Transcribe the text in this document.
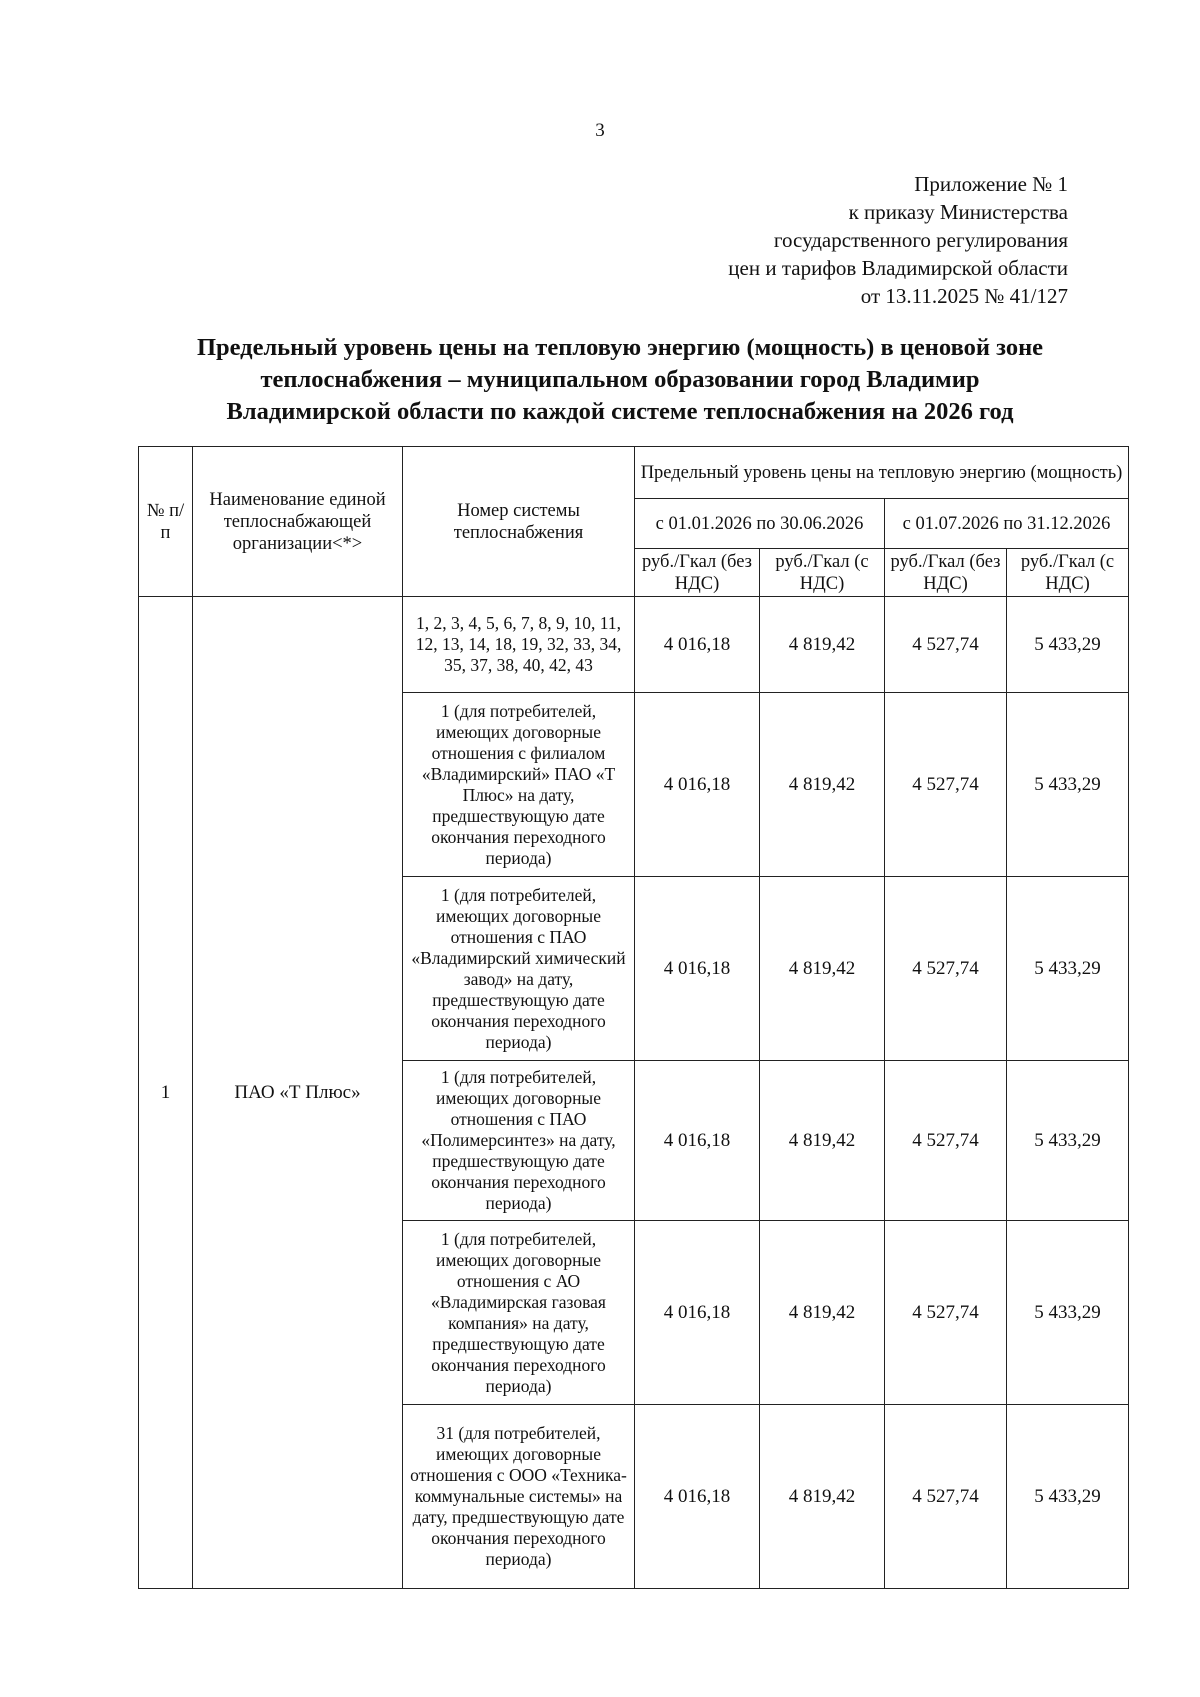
3
Приложение № 1
к приказу Министерства
государственного регулирования
цен и тарифов Владимирской области
от 13.11.2025 № 41/127
Предельный уровень цены на тепловую энергию (мощность) в ценовой зоне
теплоснабжения – муниципальном образовании город Владимир
Владимирской области по каждой системе теплоснабжения на 2026 год
№ п/п	Наименование единой теплоснабжающей организации<*>	Номер системы теплоснабжения	Предельный уровень цены на тепловую энергию (мощность)			
			с 01.01.2026 по 30.06.2026		с 01.07.2026 по 31.12.2026	
			руб./Гкал (без НДС)	руб./Гкал (с НДС)	руб./Гкал (без НДС)	руб./Гкал (с НДС)
1	ПАО «Т Плюс»	1, 2, 3, 4, 5, 6, 7, 8, 9, 10, 11, 12, 13, 14, 18, 19, 32, 33, 34, 35, 37, 38, 40, 42, 43	4 016,18	4 819,42	4 527,74	5 433,29
		1 (для потребителей, имеющих договорные отношения с филиалом «Владимирский» ПАО «Т Плюс» на дату, предшествующую дате окончания переходного периода)	4 016,18	4 819,42	4 527,74	5 433,29
		1 (для потребителей, имеющих договорные отношения с ПАО «Владимирский химический завод» на дату, предшествующую дате окончания переходного периода)	4 016,18	4 819,42	4 527,74	5 433,29
		1 (для потребителей, имеющих договорные отношения с ПАО «Полимерсинтез» на дату, предшествующую дате окончания переходного периода)	4 016,18	4 819,42	4 527,74	5 433,29
		1 (для потребителей, имеющих договорные отношения с АО «Владимирская газовая компания» на дату, предшествующую дате окончания переходного периода)	4 016,18	4 819,42	4 527,74	5 433,29
		31 (для потребителей, имеющих договорные отношения с ООО «Техника-коммунальные системы» на дату, предшествующую дате окончания переходного периода)	4 016,18	4 819,42	4 527,74	5 433,29
